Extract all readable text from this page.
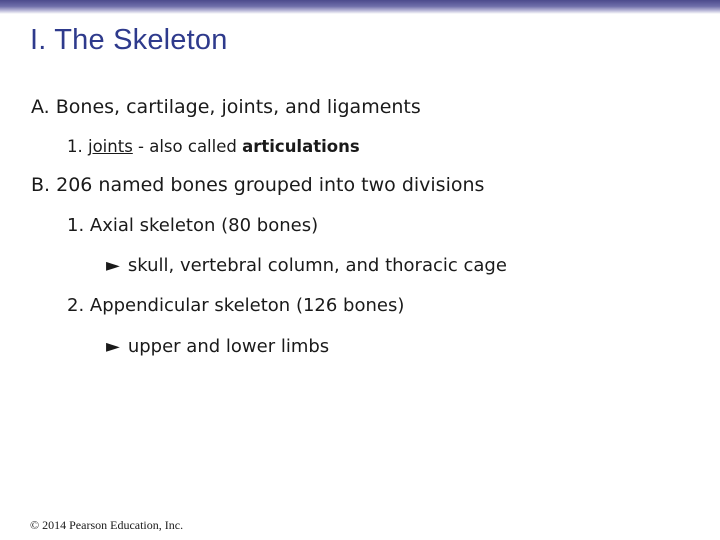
I. The Skeleton
A. Bones, cartilage, joints, and ligaments
1. joints - also called articulations
B. 206 named bones grouped into two divisions
1. Axial skeleton (80 bones)
► skull, vertebral column, and thoracic cage
2. Appendicular skeleton (126 bones)
► upper and lower limbs
© 2014 Pearson Education, Inc.
